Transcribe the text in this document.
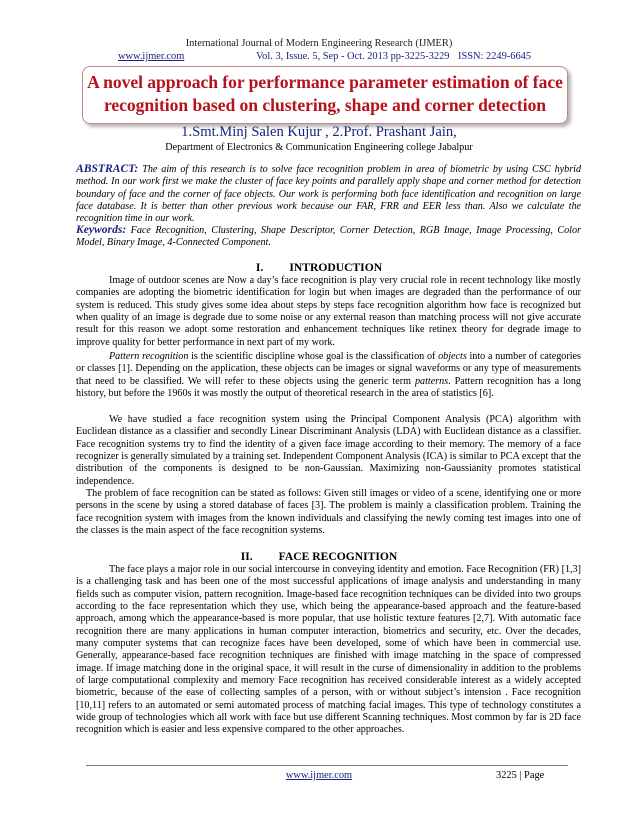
International Journal of Modern Engineering Research (IJMER)
www.ijmer.com	Vol. 3, Issue. 5, Sep - Oct. 2013 pp-3225-3229 ISSN: 2249-6645
A novel approach for performance parameter estimation of face
recognition based on clustering, shape and corner detection
1.Smt.Minj Salen Kujur , 2.Prof. Prashant Jain,
Department of Electronics & Communication Engineering college Jabalpur
ABSTRACT: The aim of this research is to solve face recognition problem in area of biometric by using CSC hybrid method. In our work first we make the cluster of face key points and parallely apply shape and corner method for detection boundary of face and the corner of face objects. Our work is performing both face identification and recognition on large face database. It is better than other previous work because our FAR, FRR and EER less than. Also we calculate the recognition time in our work.
Keywords: Face Recognition, Clustering, Shape Descriptor, Corner Detection, RGB Image, Image Processing, Color Model, Binary Image, 4-Connected Component.
I. INTRODUCTION
Image of outdoor scenes are Now a day’s face recognition is play very crucial role in recent technology like mostly companies are adopting the biometric identification for login but when images are degraded than the performance of our system is reduced. This study gives some idea about steps by steps face recognition algorithm how face is recognized but when quality of an image is degrade due to some noise or any external reason than matching process will not give accurate result for this reason we adopt some restoration and enhancement techniques like retinex theory for degrade image to improve quality for better performance in next part of my work.
Pattern recognition is the scientific discipline whose goal is the classification of objects into a number of categories or classes [1]. Depending on the application, these objects can be images or signal waveforms or any type of measurements that need to be classified. We will refer to these objects using the generic term patterns. Pattern recognition has a long history, but before the 1960s it was mostly the output of theoretical research in the area of statistics [6].
We have studied a face recognition system using the Principal Component Analysis (PCA) algorithm with Euclidean distance as a classifier and secondly Linear Discriminant Analysis (LDA) with Euclidean distance as a classifier. Face recognition systems try to find the identity of a given face image according to their memory. The memory of a face recognizer is generally simulated by a training set. Independent Component Analysis (ICA) is similar to PCA except that the distribution of the components is designed to be non-Gaussian. Maximizing non-Gaussianity promotes statistical independence.
The problem of face recognition can be stated as follows: Given still images or video of a scene, identifying one or more persons in the scene by using a stored database of faces [3]. The problem is mainly a classification problem. Training the face recognition system with images from the known individuals and classifying the newly coming test images into one of the classes is the main aspect of the face recognition systems.
II. FACE RECOGNITION
The face plays a major role in our social intercourse in conveying identity and emotion. Face Recognition (FR) [1,3] is a challenging task and has been one of the most successful applications of image analysis and understanding in many fields such as computer vision, pattern recognition. Image-based face recognition techniques can be divided into two groups according to the face representation which they use, which being the appearance-based approach and the feature-based approach, among which the appearance-based is more popular, that use holistic texture features [2,7]. With automatic face recognition there are many applications in human computer interaction, biometrics and security, etc. Over the decades, many computer systems that can recognize faces have been developed, some of which have been in commercial use. Generally, appearance-based face recognition techniques are finished with image matching in the space of compressed image. If image matching done in the original space, it will result in the curse of dimensionality in addition to the problems of large computational complexity and memory Face recognition has received considerable interest as a widely accepted biometric, because of the ease of collecting samples of a person, with or without subject’s intension . Face recognition [10,11] refers to an automated or semi automated process of matching facial images. This type of technology constitutes a wide group of technologies which all work with face but use different Scanning techniques. Most common by far is 2D face recognition which is easier and less expensive compared to the other approaches.
www.ijmer.com	3225 | Page
